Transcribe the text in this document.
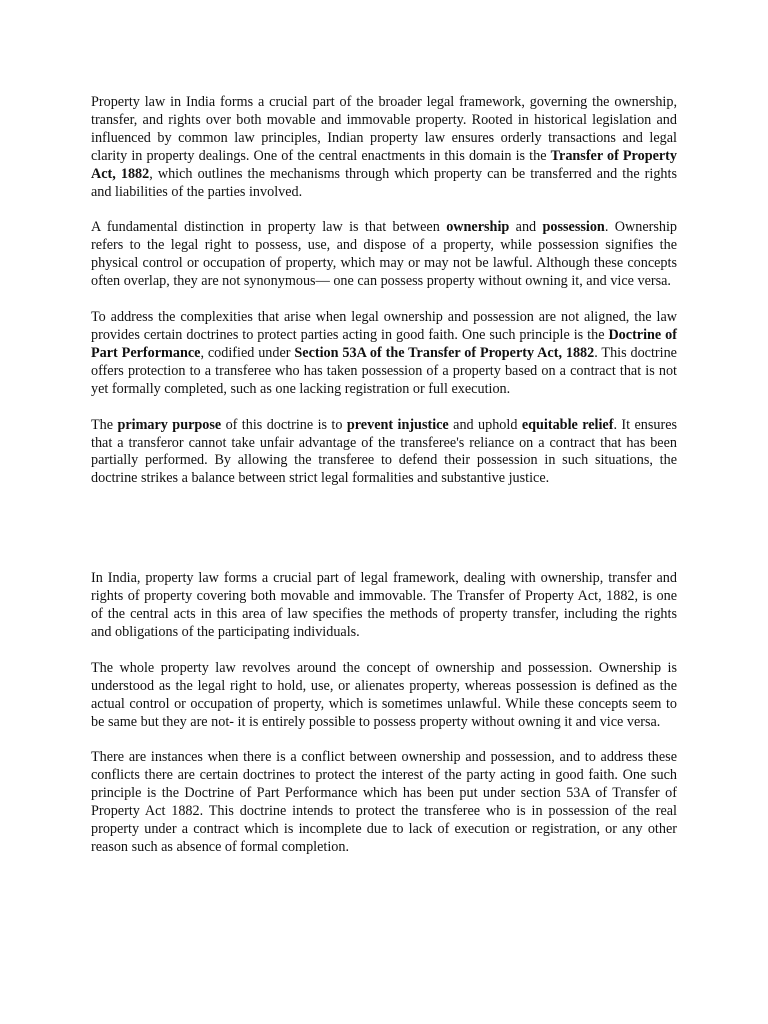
Property law in India forms a crucial part of the broader legal framework, governing the ownership, transfer, and rights over both movable and immovable property. Rooted in historical legislation and influenced by common law principles, Indian property law ensures orderly transactions and legal clarity in property dealings. One of the central enactments in this domain is the Transfer of Property Act, 1882, which outlines the mechanisms through which property can be transferred and the rights and liabilities of the parties involved.

A fundamental distinction in property law is that between ownership and possession. Ownership refers to the legal right to possess, use, and dispose of a property, while possession signifies the physical control or occupation of property, which may or may not be lawful. Although these concepts often overlap, they are not synonymous— one can possess property without owning it, and vice versa.

To address the complexities that arise when legal ownership and possession are not aligned, the law provides certain doctrines to protect parties acting in good faith. One such principle is the Doctrine of Part Performance, codified under Section 53A of the Transfer of Property Act, 1882. This doctrine offers protection to a transferee who has taken possession of a property based on a contract that is not yet formally completed, such as one lacking registration or full execution.

The primary purpose of this doctrine is to prevent injustice and uphold equitable relief. It ensures that a transferor cannot take unfair advantage of the transferee's reliance on a contract that has been partially performed. By allowing the transferee to defend their possession in such situations, the doctrine strikes a balance between strict legal formalities and substantive justice.

In India, property law forms a crucial part of legal framework, dealing with ownership, transfer and rights of property covering both movable and immovable. The Transfer of Property Act, 1882, is one of the central acts in this area of law specifies the methods of property transfer, including the rights and obligations of the participating individuals.

The whole property law revolves around the concept of ownership and possession. Ownership is understood as the legal right to hold, use, or alienates property, whereas possession is defined as the actual control or occupation of property, which is sometimes unlawful. While these concepts seem to be same but they are not- it is entirely possible to possess property without owning it and vice versa.

There are instances when there is a conflict between ownership and possession, and to address these conflicts there are certain doctrines to protect the interest of the party acting in good faith. One such principle is the Doctrine of Part Performance which has been put under section 53A of Transfer of Property Act 1882. This doctrine intends to protect the transferee who is in possession of the real property under a contract which is incomplete due to lack of execution or registration, or any other reason such as absence of formal completion.
